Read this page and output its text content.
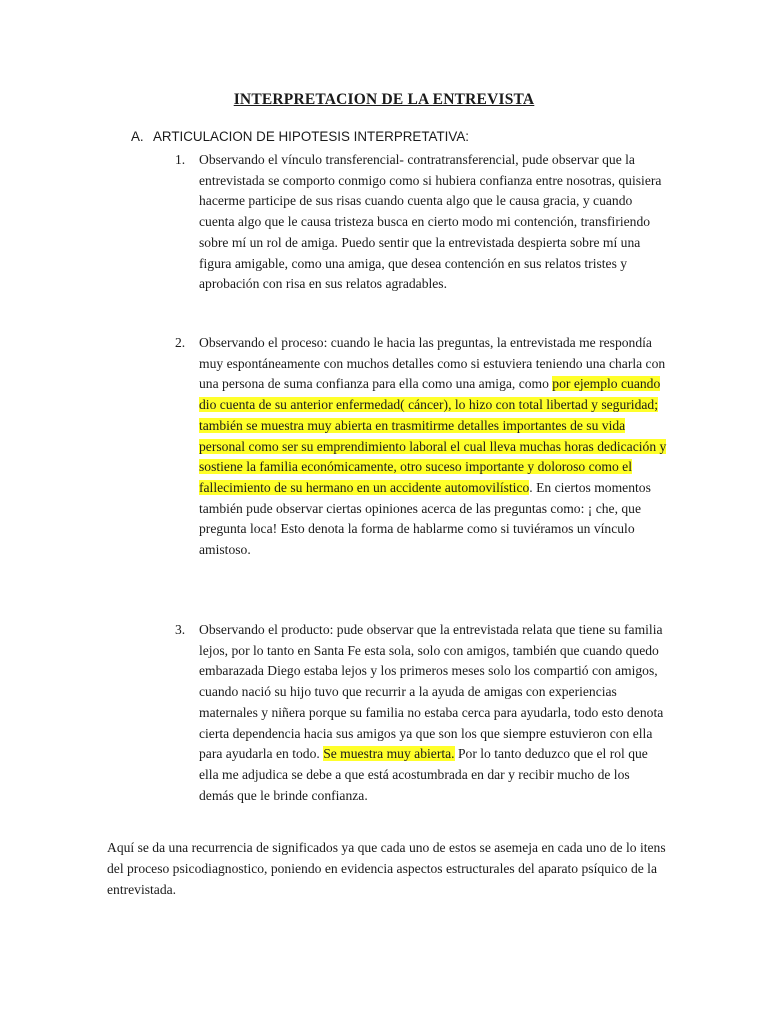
INTERPRETACION DE LA ENTREVISTA
A. ARTICULACION DE HIPOTESIS INTERPRETATIVA:
1. Observando el vínculo transferencial- contratransferencial, pude observar que la entrevistada se comporto conmigo como si hubiera confianza entre nosotras, quisiera hacerme participe de sus risas cuando cuenta algo que le causa gracia, y cuando cuenta algo que le causa tristeza busca en cierto modo mi contención, transfiriendo sobre mí un rol de amiga. Puedo sentir que la entrevistada despierta sobre mí una figura amigable, como una amiga, que desea contención en sus relatos tristes y aprobación con risa en sus relatos agradables.
2. Observando el proceso: cuando le hacia las preguntas, la entrevistada me respondía muy espontáneamente con muchos detalles como si estuviera teniendo una charla con una persona de suma confianza para ella como una amiga, como por ejemplo cuando dio cuenta de su anterior enfermedad( cáncer), lo hizo con total libertad y seguridad; también se muestra muy abierta en trasmitirme detalles importantes de su vida personal como ser su emprendimiento laboral el cual lleva muchas horas dedicación y sostiene la familia económicamente, otro suceso importante y doloroso como el fallecimiento de su hermano en un accidente automovilístico. En ciertos momentos también pude observar ciertas opiniones acerca de las preguntas como: ¡ che, que pregunta loca! Esto denota la forma de hablarme como si tuviéramos un vínculo amistoso.
3. Observando el producto: pude observar que la entrevistada relata que tiene su familia lejos, por lo tanto en Santa Fe esta sola, solo con amigos, también que cuando quedo embarazada Diego estaba lejos y los primeros meses solo los compartió con amigos, cuando nació su hijo tuvo que recurrir a la ayuda de amigas con experiencias maternales y niñera porque su familia no estaba cerca para ayudarla, todo esto denota cierta dependencia hacia sus amigos ya que son los que siempre estuvieron con ella para ayudarla en todo. Se muestra muy abierta. Por lo tanto deduzco que el rol que ella me adjudica se debe a que está acostumbrada en dar y recibir mucho de los demás que le brinde confianza.
Aquí se da una recurrencia de significados ya que cada uno de estos se asemeja en cada uno de lo itens del proceso psicodiagnostico, poniendo en evidencia aspectos estructurales del aparato psíquico de la entrevistada.
